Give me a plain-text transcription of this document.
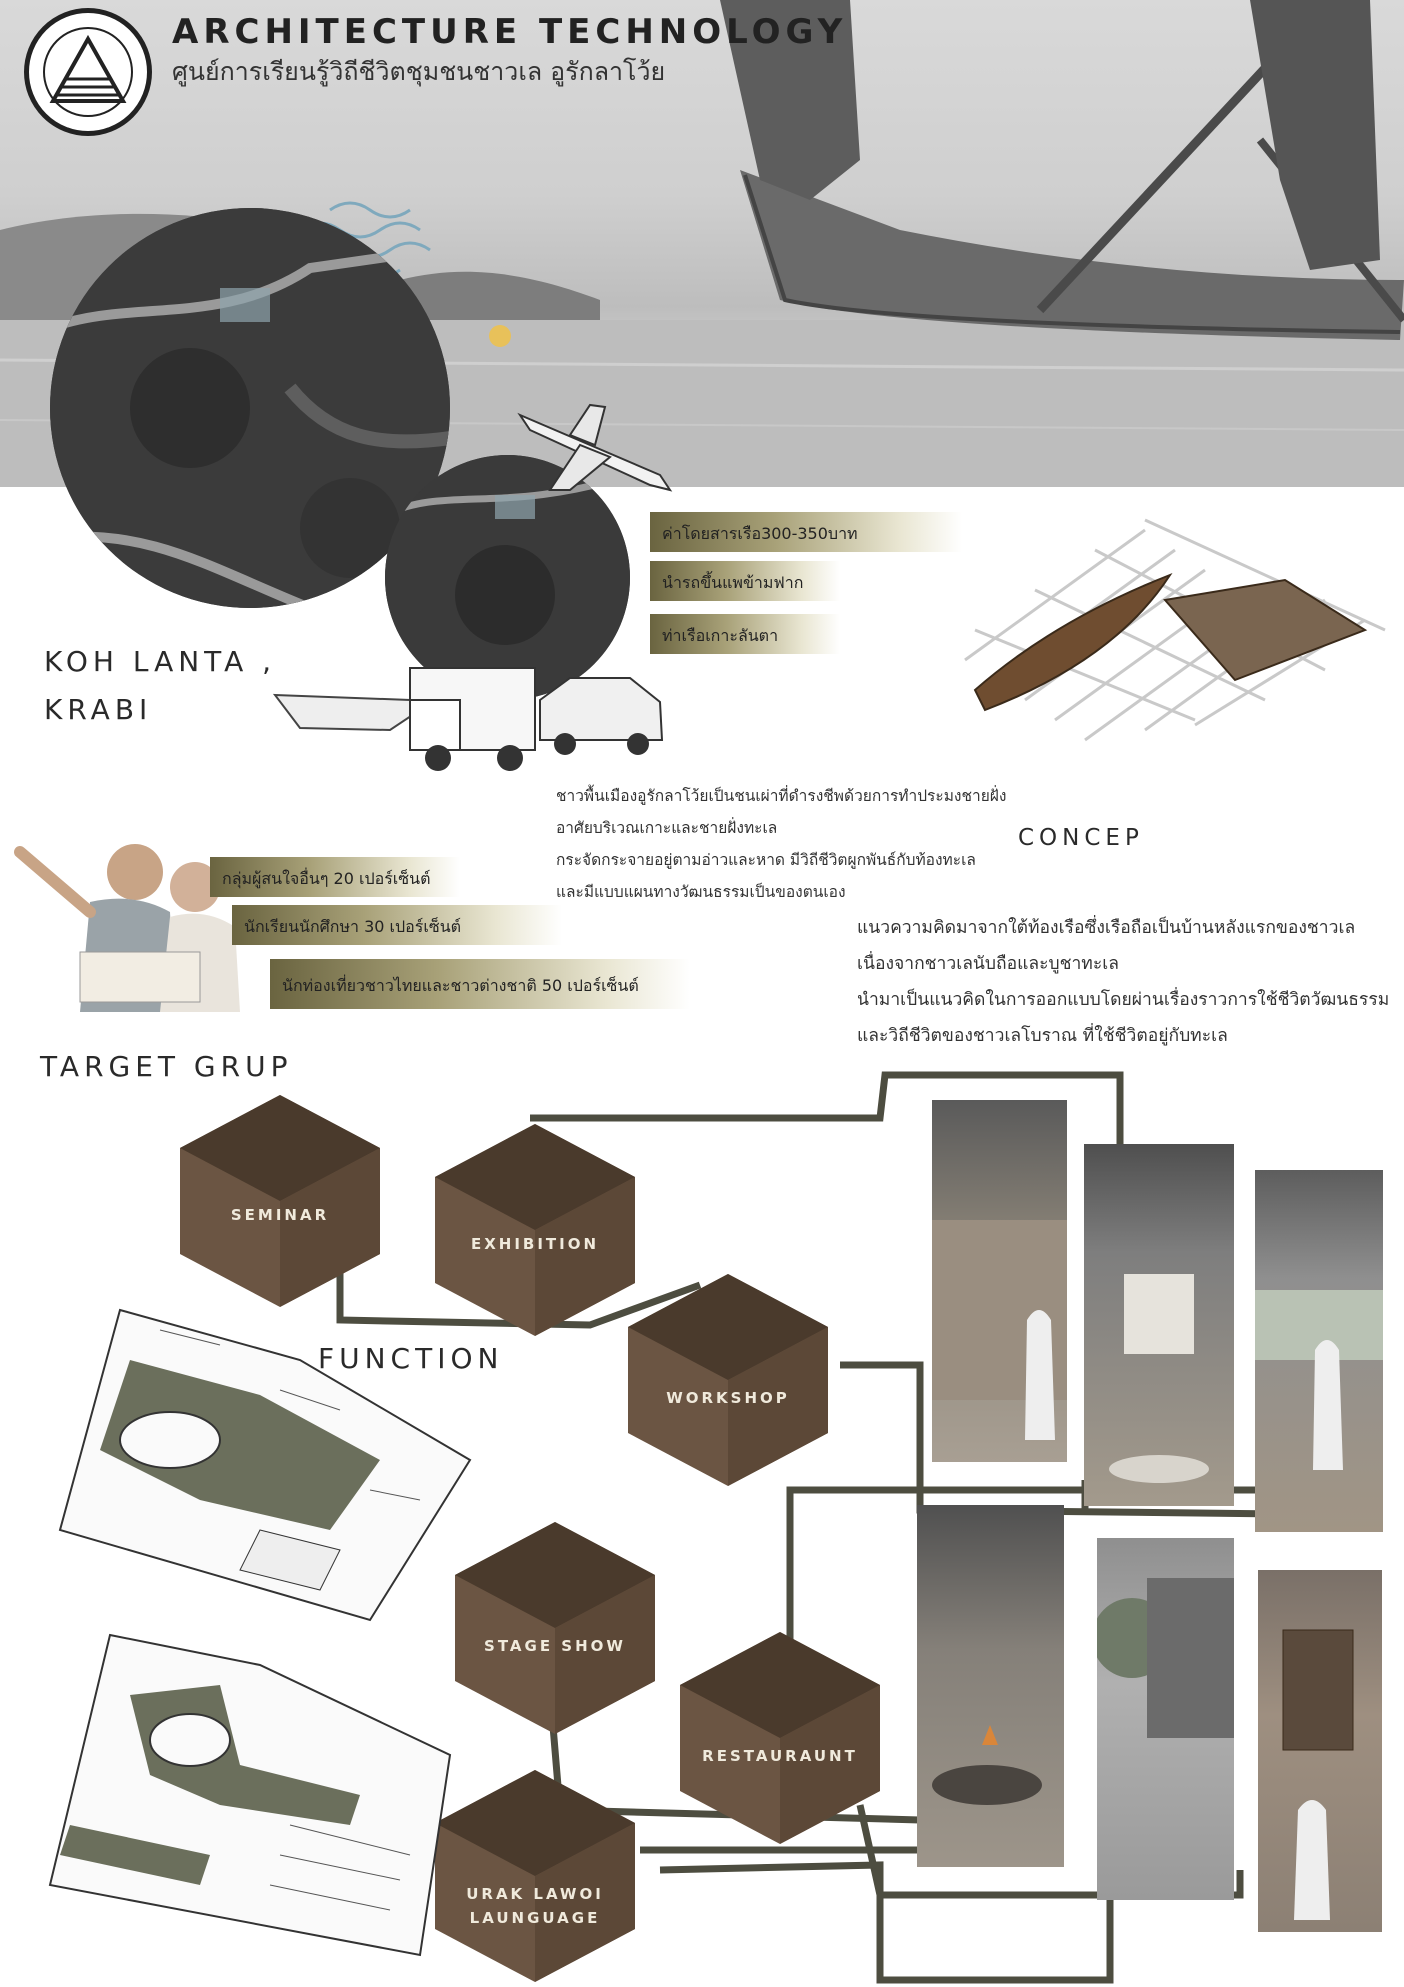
ARCHITECTURE TECHNOLOGY
ศูนย์การเรียนรู้วิถีชีวิตชุมชนชาวเล อูรักลาโว้ย
ค่าโดยสารเรือ300-350บาท
นำรถขึ้นแพข้ามฟาก
ท่าเรือเกาะลันตา
KOH LANTA ,
KRABI
ชาวพื้นเมืองอูรักลาโว้ยเป็นชนเผ่าที่ดำรงชีพด้วยการทำประมงชายฝั่ง
อาศัยบริเวณเกาะและชายฝั่งทะเล
กระจัดกระจายอยู่ตามอ่าวและหาด มีวิถีชีวิตผูกพันธ์กับท้องทะเล
และมีแบบแผนทางวัฒนธรรมเป็นของตนเอง
CONCEP
แนวความคิดมาจากใต้ท้องเรือซึ่งเรือถือเป็นบ้านหลังแรกของชาวเล
เนื่องจากชาวเลนับถือและบูชาทะเล
นำมาเป็นแนวคิดในการออกแบบโดยผ่านเรื่องราวการใช้ชีวิตวัฒนธรรม
และวิถีชีวิตของชาวเลโบราณ ที่ใช้ชีวิตอยู่กับทะเล
กลุ่มผู้สนใจอื่นๆ 20 เปอร์เซ็นต์
นักเรียนนักศึกษา 30 เปอร์เซ็นต์
นักท่องเที่ยวชาวไทยและชาวต่างชาติ 50 เปอร์เซ็นต์
TARGET GRUP
FUNCTION
SEMINAR
EXHIBITION
WORKSHOP
STAGE SHOW
RESTAURAUNT
URAK LAWOI LAUNGUAGE
